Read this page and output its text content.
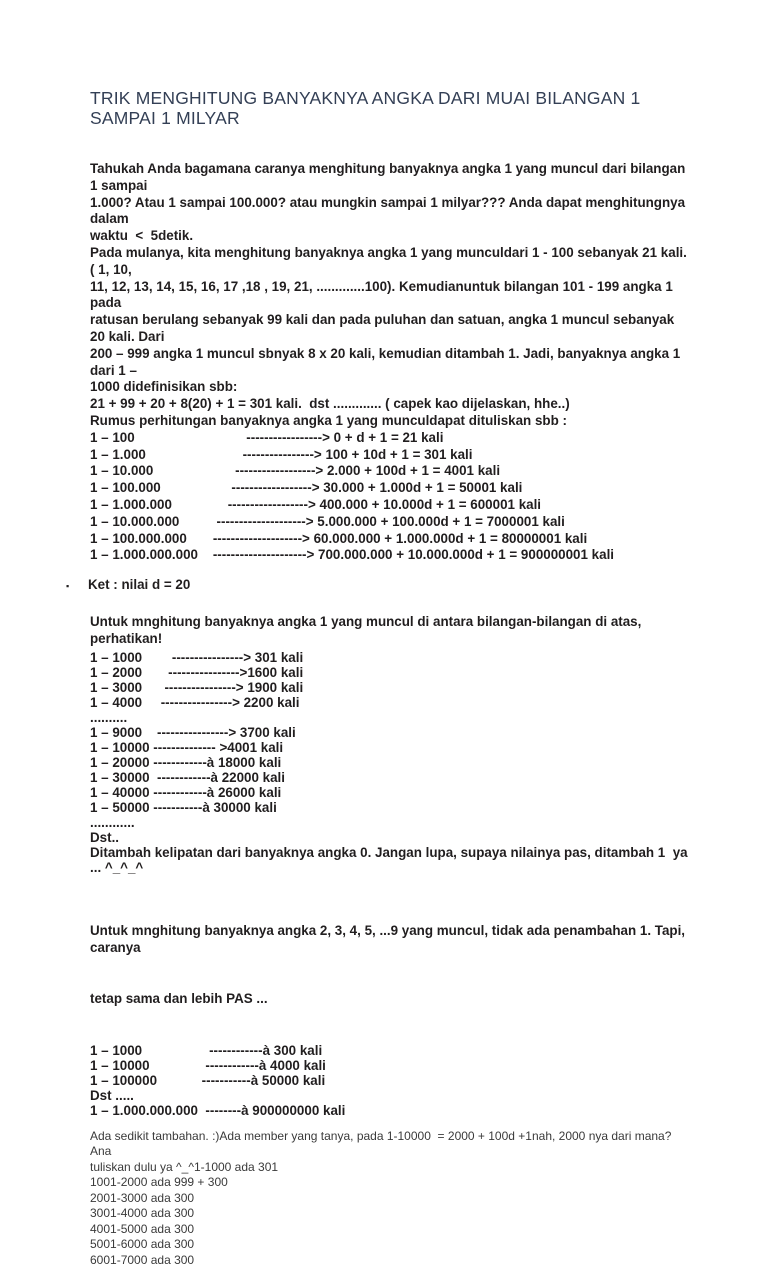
TRIK MENGHITUNG BANYAKNYA ANGKA DARI MUAI BILANGAN 1 SAMPAI 1 MILYAR
Tahukah Anda bagamana caranya menghitung banyaknya angka 1 yang muncul dari bilangan 1 sampai
1.000? Atau 1 sampai 100.000? atau mungkin sampai 1 milyar??? Anda dapat menghitungnya dalam
waktu  <  5detik.
Pada mulanya, kita menghitung banyaknya angka 1 yang munculdari 1 - 100 sebanyak 21 kali. ( 1, 10,
11, 12, 13, 14, 15, 16, 17 ,18 , 19, 21, .............100). Kemudianuntuk bilangan 101 - 199 angka 1 pada
ratusan berulang sebanyak 99 kali dan pada puluhan dan satuan, angka 1 muncul sebanyak 20 kali. Dari
200 – 999 angka 1 muncul sbnyak 8 x 20 kali, kemudian ditambah 1. Jadi, banyaknya angka 1 dari 1 –
1000 didefinisikan sbb:
21 + 99 + 20 + 8(20) + 1 = 301 kali.  dst ............. ( capek kao dijelaskan, hhe..)
Rumus perhitungan banyaknya angka 1 yang munculdapat dituliskan sbb :
1 – 100                              -----------------> 0 + d + 1 = 21 kali
1 – 1.000                          ----------------> 100 + 10d + 1 = 301 kali
1 – 10.000                      ------------------> 2.000 + 100d + 1 = 4001 kali
1 – 100.000                   ------------------> 30.000 + 1.000d + 1 = 50001 kali
1 – 1.000.000               ------------------> 400.000 + 10.000d + 1 = 600001 kali
1 – 10.000.000          --------------------> 5.000.000 + 100.000d + 1 = 7000001 kali
1 – 100.000.000       --------------------> 60.000.000 + 1.000.000d + 1 = 80000001 kali
1 – 1.000.000.000    ---------------------> 700.000.000 + 10.000.000d + 1 = 900000001 kali
▪	Ket : nilai d = 20
Untuk mnghitung banyaknya angka 1 yang muncul di antara bilangan-bilangan di atas, perhatikan!
1 – 1000        ----------------> 301 kali
1 – 2000       ---------------->1600 kali
1 – 3000      ----------------> 1900 kali
1 – 4000     ----------------> 2200 kali
..........
1 – 9000    ----------------> 3700 kali
1 – 10000 -------------- >4001 kali
1 – 20000 ------------à 18000 kali
1 – 30000  ------------à 22000 kali
1 – 40000 ------------à 26000 kali
1 – 50000 -----------à 30000 kali
............
Dst..
Ditambah kelipatan dari banyaknya angka 0. Jangan lupa, supaya nilainya pas, ditambah 1  ya ... ^_^_^

Untuk mnghitung banyaknya angka 2, 3, 4, 5, ...9 yang muncul, tidak ada penambahan 1. Tapi, caranya

tetap sama dan lebih PAS ...

1 – 1000                  ------------à 300 kali
1 – 10000               ------------à 4000 kali
1 – 100000            -----------à 50000 kali
Dst .....
1 – 1.000.000.000  --------à 900000000 kali
Ada sedikit tambahan. :)Ada member yang tanya, pada 1-10000  = 2000 + 100d +1nah, 2000 nya dari mana?Ana
tuliskan dulu ya ^_^1-1000 ada 301
1001-2000 ada 999 + 300
2001-3000 ada 300
3001-4000 ada 300
4001-5000 ada 300
5001-6000 ada 300
6001-7000 ada 300
